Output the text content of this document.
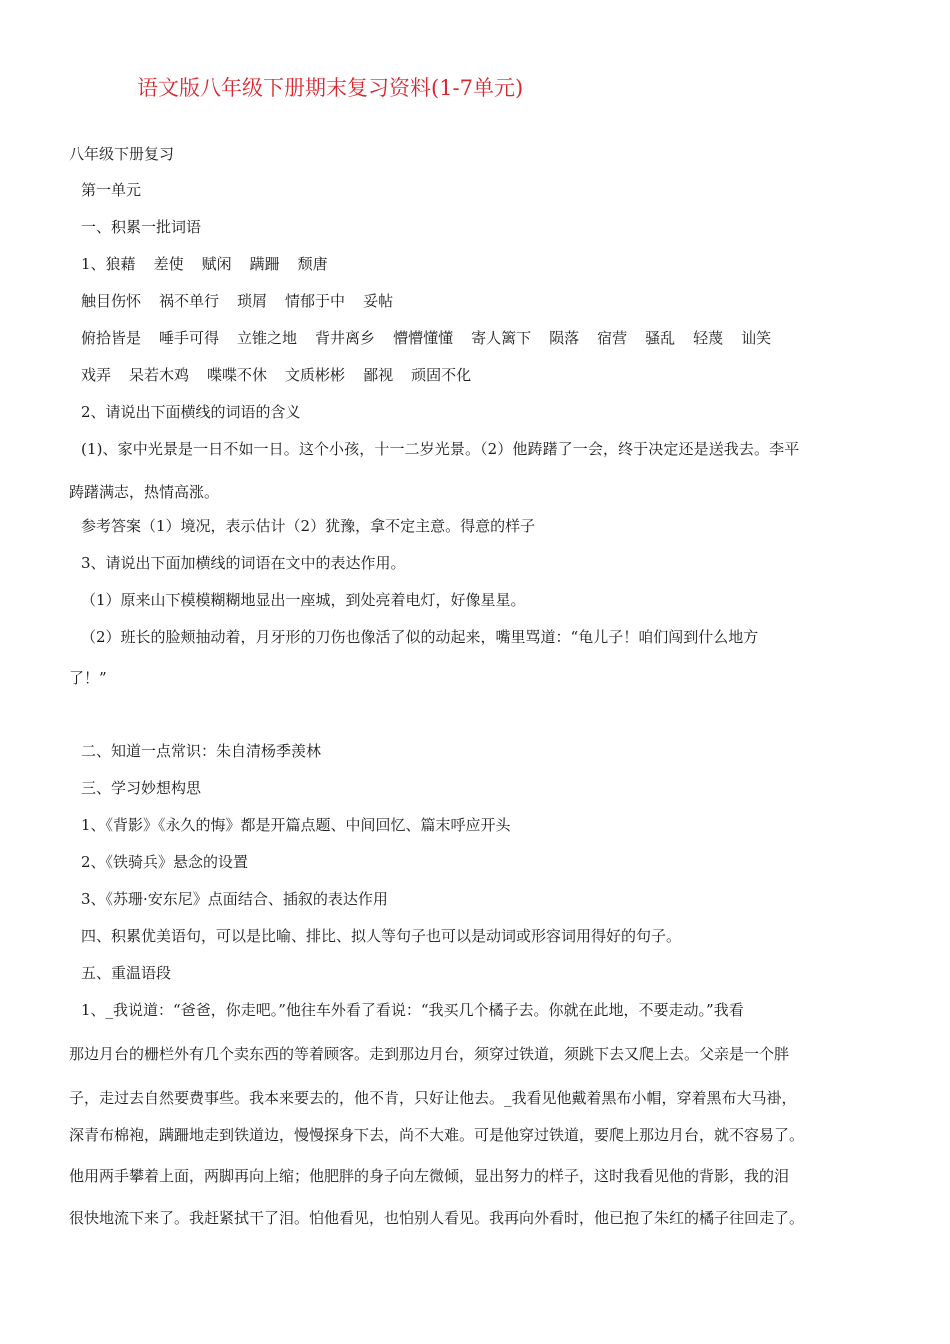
语文版八年级下册期末复习资料(1-7单元)

八年级下册复习

第一单元

一、积累一批词语

1、狼藉 差使 赋闲 蹒跚 颓唐

触目伤怀 祸不单行 琐屑 情郁于中 妥帖

俯拾皆是 唾手可得 立锥之地 背井离乡 懵懵懂懂 寄人篱下 陨落 宿营 骚乱 轻蔑 讪笑

戏弄 呆若木鸡 喋喋不休 文质彬彬 鄙视 顽固不化

2、请说出下面横线的词语的含义

(1)、家中光景是一日不如一日。这个小孩，十一二岁光景。（2）他踌躇了一会，终于决定还是送我去。李平

踌躇满志，热情高涨。

参考答案（1）境况，表示估计（2）犹豫，拿不定主意。得意的样子

3、请说出下面加横线的词语在文中的表达作用。

（1）原来山下模模糊糊地显出一座城，到处亮着电灯，好像星星。

（2）班长的脸颊抽动着，月牙形的刀伤也像活了似的动起来，嘴里骂道：“龟儿子！咱们闯到什么地方

了！”

二、知道一点常识：朱自清杨季羡林

三、学习妙想构思

1、《背影》《永久的悔》都是开篇点题、中间回忆、篇末呼应开头

2、《铁骑兵》悬念的设置

3、《苏珊·安东尼》点面结合、插叙的表达作用

四、积累优美语句，可以是比喻、排比、拟人等句子也可以是动词或形容词用得好的句子。

五、重温语段

1、_我说道：“爸爸，你走吧。”他往车外看了看说：“我买几个橘子去。你就在此地，不要走动。”我看

那边月台的栅栏外有几个卖东西的等着顾客。走到那边月台，须穿过铁道，须跳下去又爬上去。父亲是一个胖

子，走过去自然要费事些。我本来要去的，他不肯，只好让他去。_我看见他戴着黑布小帽，穿着黑布大马褂，

深青布棉袍，蹒跚地走到铁道边，慢慢探身下去，尚不大难。可是他穿过铁道，要爬上那边月台，就不容易了。

他用两手攀着上面，两脚再向上缩；他肥胖的身子向左微倾，显出努力的样子，这时我看见他的背影，我的泪

很快地流下来了。我赶紧拭干了泪。怕他看见，也怕别人看见。我再向外看时，他已抱了朱红的橘子往回走了。
